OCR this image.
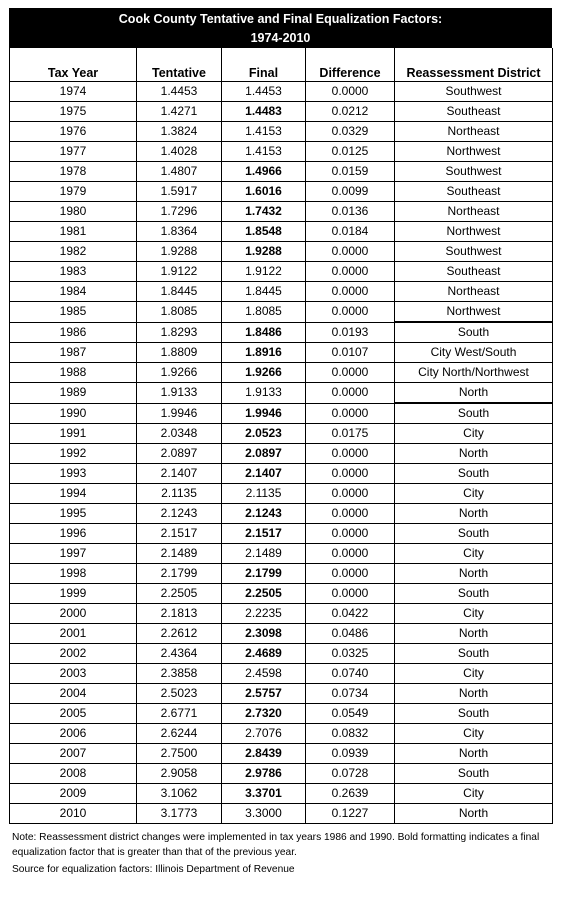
Cook County Tentative and Final Equalization Factors:
1974-2010
Tax Year	Tentative	Final	Difference	Reassessment District
1974	1.4453	1.4453	0.0000	Southwest
1975	1.4271	1.4483	0.0212	Southeast
1976	1.3824	1.4153	0.0329	Northeast
1977	1.4028	1.4153	0.0125	Northwest
1978	1.4807	1.4966	0.0159	Southwest
1979	1.5917	1.6016	0.0099	Southeast
1980	1.7296	1.7432	0.0136	Northeast
1981	1.8364	1.8548	0.0184	Northwest
1982	1.9288	1.9288	0.0000	Southwest
1983	1.9122	1.9122	0.0000	Southeast
1984	1.8445	1.8445	0.0000	Northeast
1985	1.8085	1.8085	0.0000	Northwest
1986	1.8293	1.8486	0.0193	South
1987	1.8809	1.8916	0.0107	City West/South
1988	1.9266	1.9266	0.0000	City North/Northwest
1989	1.9133	1.9133	0.0000	North
1990	1.9946	1.9946	0.0000	South
1991	2.0348	2.0523	0.0175	City
1992	2.0897	2.0897	0.0000	North
1993	2.1407	2.1407	0.0000	South
1994	2.1135	2.1135	0.0000	City
1995	2.1243	2.1243	0.0000	North
1996	2.1517	2.1517	0.0000	South
1997	2.1489	2.1489	0.0000	City
1998	2.1799	2.1799	0.0000	North
1999	2.2505	2.2505	0.0000	South
2000	2.1813	2.2235	0.0422	City
2001	2.2612	2.3098	0.0486	North
2002	2.4364	2.4689	0.0325	South
2003	2.3858	2.4598	0.0740	City
2004	2.5023	2.5757	0.0734	North
2005	2.6771	2.7320	0.0549	South
2006	2.6244	2.7076	0.0832	City
2007	2.7500	2.8439	0.0939	North
2008	2.9058	2.9786	0.0728	South
2009	3.1062	3.3701	0.2639	City
2010	3.1773	3.3000	0.1227	North

Note: Reassessment district changes were implemented in tax years 1986 and 1990. Bold formatting indicates a final equalization factor that is greater than that of the previous year.

Source for equalization factors: Illinois Department of Revenue
